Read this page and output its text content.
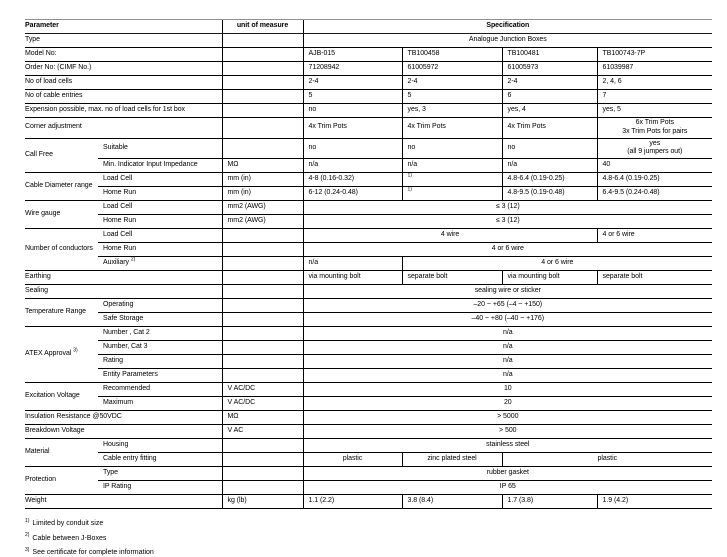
Parameter		unit of measure	Specification			
Type			Analogue Junction Boxes			
Model No:			AJB-015	TB100458	TB100481	TB100743-7P
Order No: (CIMF No.)			71208942	61005972	61005973	61039987
No of load cells			2-4	2-4	2-4	2, 4, 6
No of cable entries			5	5	6	7
Expension possible, max. no of load cells for 1st box			no	yes, 3	yes, 4	yes, 5
Corner adjustment			4x Trim Pots	4x Trim Pots	4x Trim Pots	6x Trim Pots
3x Trim Pots for pairs
Call Free	Suitable		no	no	no	yes
(all 9 jumpers out)
	Min. Indicator Input Impedance	MΩ	n/a	n/a	n/a	40
Cable Diameter range	Load Cell	mm (in)	4-8 (0.16-0.32)	$^{1)}$	4.8-6.4 (0.19-0.25)	4.8-6.4 (0.19-0.25)
	Home Run	mm (in)	6-12 (0.24-0.48)	$^{1)}$	4.8-9.5 (0.19-0.48)	6.4-9.5 (0.24-0.48)
Wire gauge	Load Cell	mm2 (AWG)	≤ 3 (12)			
	Home Run	mm2 (AWG)	≤ 3 (12)			
Number of conductors	Load Cell		4 wire			4 or 6 wire
	Home Run		4 or 6 wire			
	Auxiliary $^{2)}$		n/a	4 or 6 wire		
Earthing			via mounting bolt	separate bolt	via mounting bolt	separate bolt
Sealing			sealing wire or sticker			
Temperature Range	Operating		–20 ~ +65 (–4 ~ +150)			
	Safe Storage		–40 ~ +80 (–40 ~ +176)			
ATEX Approval $^{3)}$	Number , Cat 2		n/a			
	Number, Cat 3		n/a			
	Rating		n/a			
	Entity Parameters		n/a			
Excitation Voltage	Recommended	V AC/DC	10			
	Maximum	V AC/DC	20			
Insulation Resistance @50VDC		MΩ	> 5000			
Breakdown Voltage		V AC	> 500			
Material	Housing		stainless steel			
	Cable entry fitting		plastic	zinc plated steel	plastic	
Protection	Type		rubber gasket			
	IP Rating		IP 65			
Weight		kg (lb)	1.1 (2.2)	3.8 (8.4)	1.7 (3.8)	1.9 (4.2)
$^{1)}$ Limited by conduit size
$^{2)}$ Cable between J-Boxes
$^{3)}$ See certificate for complete information
